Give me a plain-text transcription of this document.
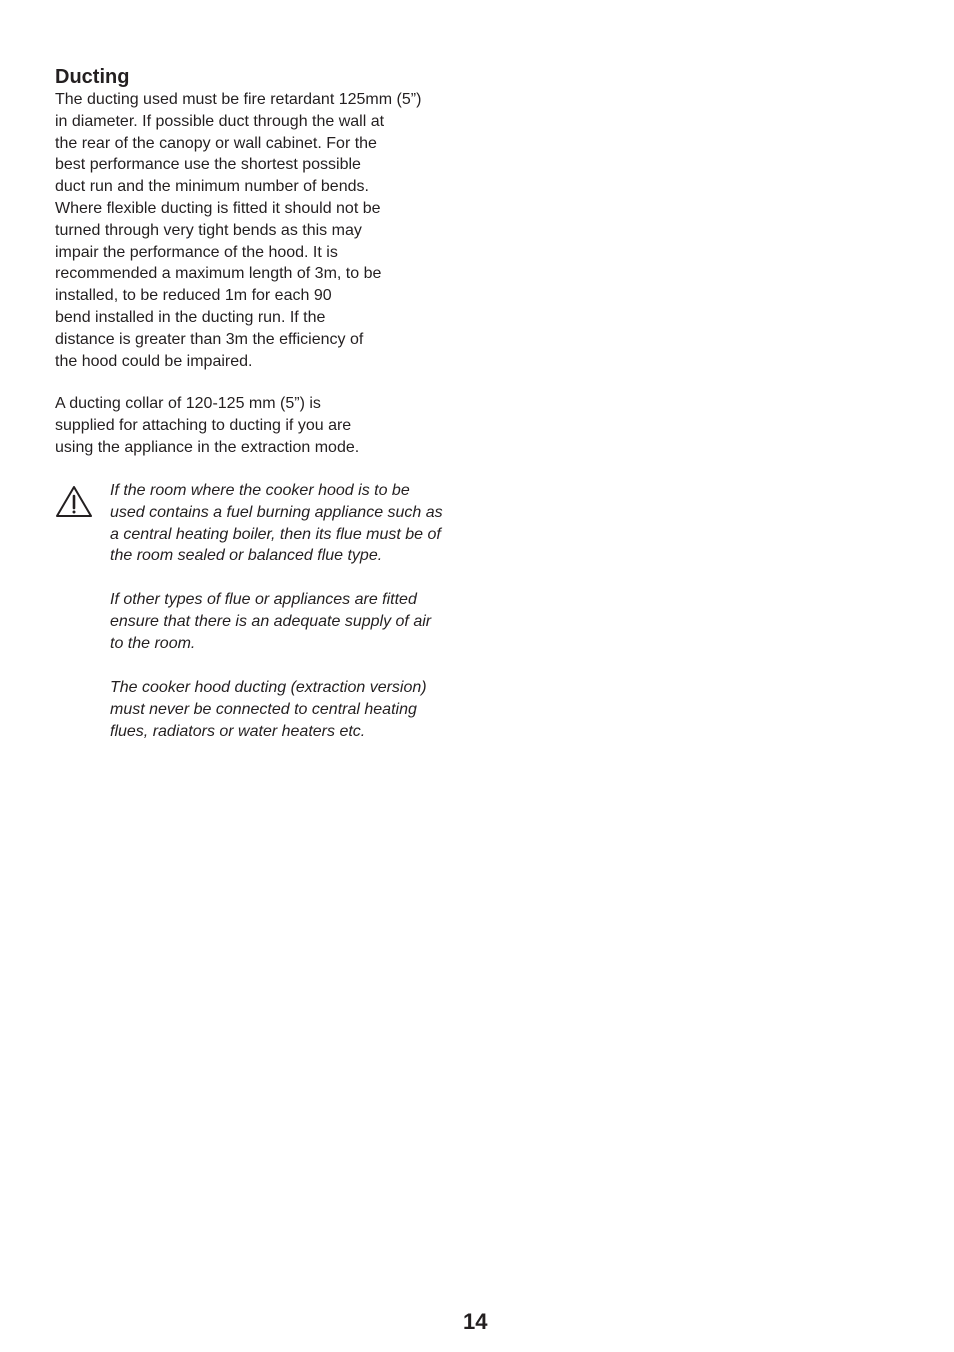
Ducting

The ducting used must be fire retardant 125mm (5”)
in diameter. If possible duct through the wall at
the rear of the canopy or wall cabinet. For the
best performance use the shortest possible
duct run and the minimum number of bends.
Where flexible ducting is fitted it should not be
turned through very tight bends as this may
impair the performance of the hood. It is
recommended a maximum length of 3m, to be
installed, to be reduced 1m for each 90
bend installed in the ducting run. If the
distance is greater than 3m the efficiency of
the hood could be impaired.

A ducting collar of 120-125 mm (5”) is
supplied for attaching to ducting if you are
using the appliance in the extraction mode.

If the room where the cooker hood is to be
used contains a fuel burning appliance such as
a central heating boiler, then its flue must be of
the room sealed or balanced flue type.

If other types of flue or appliances are fitted
ensure that there is an adequate supply of air
to the room.

The cooker hood ducting (extraction version)
must never be connected to central heating
flues, radiators or water heaters etc.

14
